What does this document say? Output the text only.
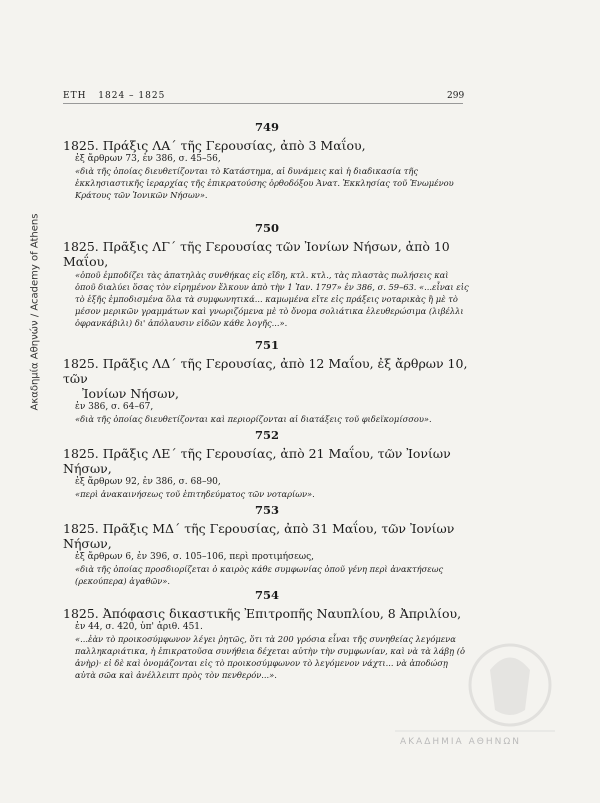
Ακαδημία Αθηνών / Academy of Athens
ΕΤΗ 1824 – 1825	299
749
1825. Πράξις ΛΑ΄ τῆς Γερουσίας, ἀπὸ 3 Μαΐου,
ἐξ ἄρθρων 73, ἐν 386, σ. 45–56,
«διὰ τῆς ὁποίας διευθετίζονται τὸ Κατάστημα, αἱ δυνάμεις καὶ ἡ διαδικασία τῆς ἐκκλησιαστικῆς ἱεραρχίας τῆς ἐπικρατούσης ὀρθοδόξου Ἀνατ. Ἐκκλησίας τοῦ Ἐνωμένου Κράτους τῶν Ἰονικῶν Νήσων».
750
1825. Πρᾶξις ΛΓ΄ τῆς Γερουσίας τῶν Ἰονίων Νήσων, ἀπὸ 10 Μαΐου,
«ὁποῦ ἐμποδίζει τὰς ἀπατηλὰς συνθήκας εἰς εἴδη, κτλ. κτλ., τὰς πλαστὰς πωλήσεις καὶ ὁποῦ διαλύει ὅσας τὸν εἰρημένον ἕλκουν ἀπὸ τὴν 1 Ἰαν. 1797» ἐν 386, σ. 59–63. «...εἶναι εἰς τὸ ἑξῆς ἐμποδισμένα ὅλα τὰ συμφωνητικά... καμωμένα εἴτε εἰς πράξεις νοταρικὰς ἢ μὲ τὸ μέσον μερικῶν γραμμάτων καὶ γνωριζόμενα μὲ τὸ ὄνομα σολιάτικα ἐλευθερώσιμα (λιβέλλι ὀφρανκάβιλι) δι' ἀπόλαυσιν εἰδῶν κάθε λογῆς...».
751
1825. Πρᾶξις ΛΔ΄ τῆς Γερουσίας, ἀπὸ 12 Μαΐου, ἐξ ἄρθρων 10, τῶν
Ἰονίων Νήσων,
ἐν 386, σ. 64–67,
«διὰ τῆς ὁποίας διευθετίζονται καὶ περιορίζονται αἱ διατάξεις τοῦ φιδεϊκομίσσου».
752
1825. Πρᾶξις ΛΕ΄ τῆς Γερουσίας, ἀπὸ 21 Μαΐου, τῶν Ἰονίων Νήσων,
ἐξ ἄρθρων 92, ἐν 386, σ. 68–90,
«περὶ ἀνακαινήσεως τοῦ ἐπιτηδεύματος τῶν νοταρίων».
753
1825. Πρᾶξις ΜΔ΄ τῆς Γερουσίας, ἀπὸ 31 Μαΐου, τῶν Ἰονίων Νήσων,
ἐξ ἄρθρων 6, ἐν 396, σ. 105–106, περὶ προτιμήσεως,
«διὰ τῆς ὁποίας προσδιορίζεται ὁ καιρὸς κάθε συμφωνίας ὁποῦ γένη περὶ ἀνακτήσεως (ρεκούπερα) ἀγαθῶν».
754
1825. Ἀπόφασις δικαστικῆς Ἐπιτροπῆς Ναυπλίου, 8 Ἀπριλίου,
ἐν 44, σ. 420, ὑπ' ἀριθ. 451.
«...ἐὰν τὸ προικοσύμφωνον λέγει ῥητῶς, ὅτι τὰ 200 γρόσια εἶναι τῆς συνηθείας λεγόμενα παλληκαριάτικα, ἡ ἐπικρατοῦσα συνήθεια δέχεται αὐτὴν τὴν συμφωνίαν, καὶ νὰ τὰ λάβῃ (ὁ ἀνὴρ)· εἰ δὲ καὶ ὀνομάζονται εἰς τὸ προικοσύμφωνον τὸ λεγόμενον νάχτι... νὰ ἀποδώσῃ αὐτὰ σῶα καὶ ἀνέλλειπτ πρὸς τὸν πενθερόν...».
ΑΚΑΔΗΜΙΑ ΑΘΗΝΩΝ
